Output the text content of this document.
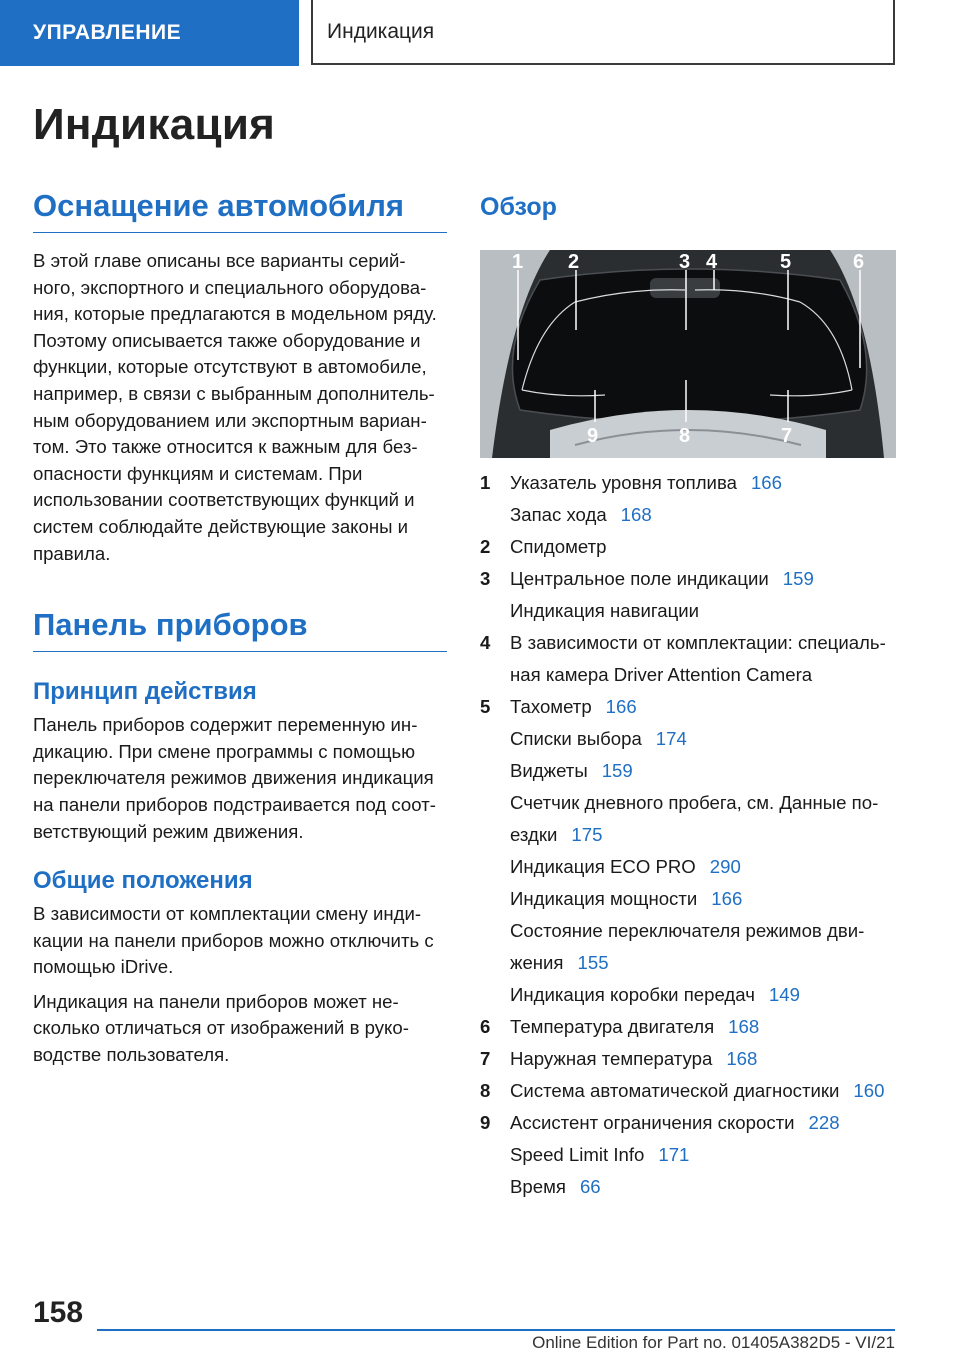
УПРАВЛЕНИЕ	Индикация
Индикация
Оснащение автомобиля
В этой главе описаны все варианты серий-
ного, экспортного и специального оборудова-
ния, которые предлагаются в модельном ряду.
Поэтому описывается также оборудование и
функции, которые отсутствуют в автомобиле,
например, в связи с выбранным дополнитель-
ным оборудованием или экспортным вариан-
том. Это также относится к важным для без-
опасности функциям и системам. При
использовании соответствующих функций и
систем соблюдайте действующие законы и
правила.
Панель приборов
Принцип действия
Панель приборов содержит переменную ин-
дикацию. При смене программы с помощью
переключателя режимов движения индикация
на панели приборов подстраивается под соот-
ветствующий режим движения.
Общие положения
В зависимости от комплектации смену инди-
кации на панели приборов можно отключить с
помощью iDrive.
Индикация на панели приборов может не-
сколько отличаться от изображений в руко-
водстве пользователя.
Обзор
1 2	3 4	5	6
7
8
9
1	Указатель уровня топлива 166
Запас хода 168
2	Спидометр
3	Центральное поле индикации 159
Индикация навигации
4	В зависимости от комплектации: специаль-
ная камера Driver Attention Camera
5	Тахометр 166
Списки выбора 174
Виджеты 159
Счетчик дневного пробега, см. Данные по-
ездки 175
Индикация ECO PRO 290
Индикация мощности 166
Состояние переключателя режимов дви-
жения 155
Индикация коробки передач 149
6	Температура двигателя 168
7	Наружная температура 168
8	Система автоматической диагностики 160
9	Ассистент ограничения скорости 228
Speed Limit Info 171
Время 66
158
Online Edition for Part no. 01405A382D5 - VI/21
